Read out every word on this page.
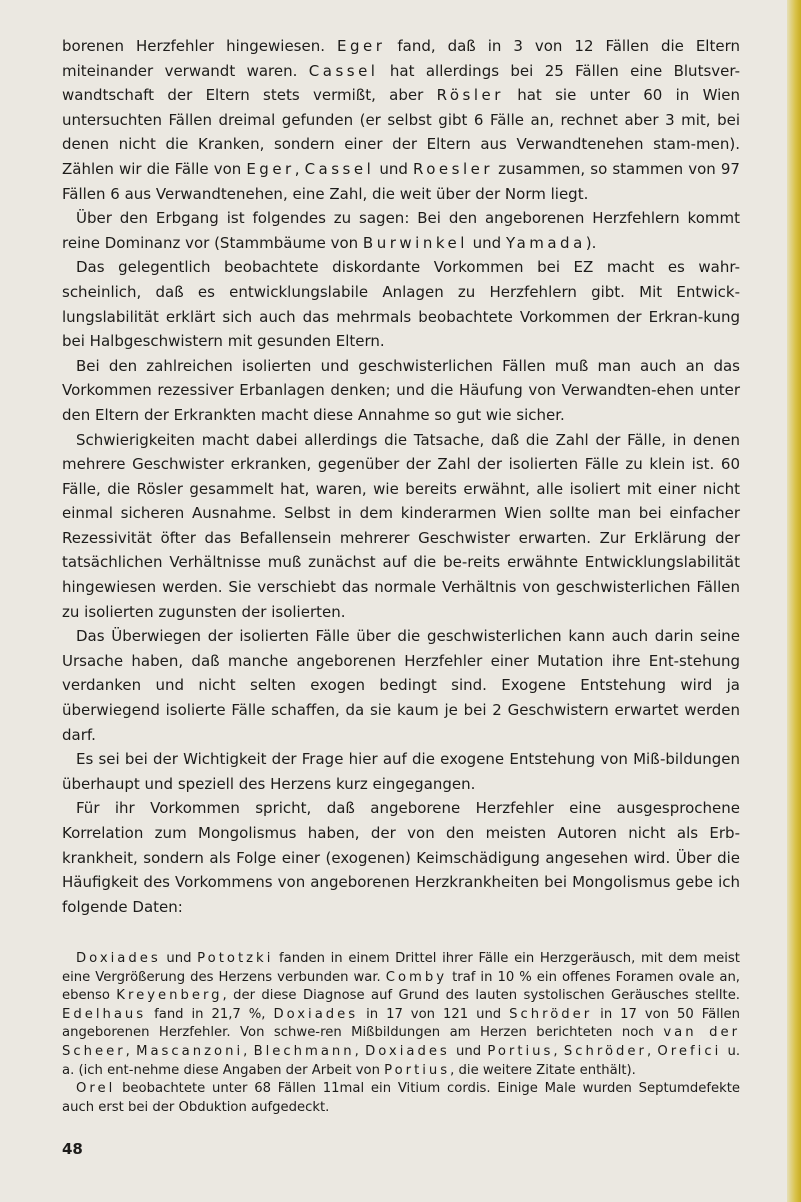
borenen Herzfehler hingewiesen. Eger fand, daß in 3 von 12 Fällen die Eltern miteinander verwandt waren. Cassel hat allerdings bei 25 Fällen eine Blutsver-wandtschaft der Eltern stets vermißt, aber Rösler hat sie unter 60 in Wien untersuchten Fällen dreimal gefunden (er selbst gibt 6 Fälle an, rechnet aber 3 mit, bei denen nicht die Kranken, sondern einer der Eltern aus Verwandtenehen stam-men). Zählen wir die Fälle von Eger, Cassel und Roesler zusammen, so stammen von 97 Fällen 6 aus Verwandtenehen, eine Zahl, die weit über der Norm liegt.

Über den Erbgang ist folgendes zu sagen: Bei den angeborenen Herzfehlern kommt reine Dominanz vor (Stammbäume von Burwinkel und Yamada).

Das gelegentlich beobachtete diskordante Vorkommen bei EZ macht es wahr-scheinlich, daß es entwicklungslabile Anlagen zu Herzfehlern gibt. Mit Entwick-lungslabilität erklärt sich auch das mehrmals beobachtete Vorkommen der Erkran-kung bei Halbgeschwistern mit gesunden Eltern.

Bei den zahlreichen isolierten und geschwisterlichen Fällen muß man auch an das Vorkommen rezessiver Erbanlagen denken; und die Häufung von Verwandten-ehen unter den Eltern der Erkrankten macht diese Annahme so gut wie sicher.

Schwierigkeiten macht dabei allerdings die Tatsache, daß die Zahl der Fälle, in denen mehrere Geschwister erkranken, gegenüber der Zahl der isolierten Fälle zu klein ist. 60 Fälle, die Rösler gesammelt hat, waren, wie bereits erwähnt, alle isoliert mit einer nicht einmal sicheren Ausnahme. Selbst in dem kinderarmen Wien sollte man bei einfacher Rezessivität öfter das Befallensein mehrerer Geschwister erwarten. Zur Erklärung der tatsächlichen Verhältnisse muß zunächst auf die be-reits erwähnte Entwicklungslabilität hingewiesen werden. Sie verschiebt das normale Verhältnis von geschwisterlichen Fällen zu isolierten zugunsten der isolierten.

Das Überwiegen der isolierten Fälle über die geschwisterlichen kann auch darin seine Ursache haben, daß manche angeborenen Herzfehler einer Mutation ihre Ent-stehung verdanken und nicht selten exogen bedingt sind. Exogene Entstehung wird ja überwiegend isolierte Fälle schaffen, da sie kaum je bei 2 Geschwistern erwartet werden darf.

Es sei bei der Wichtigkeit der Frage hier auf die exogene Entstehung von Miß-bildungen überhaupt und speziell des Herzens kurz eingegangen.

Für ihr Vorkommen spricht, daß angeborene Herzfehler eine ausgesprochene Korrelation zum Mongolismus haben, der von den meisten Autoren nicht als Erb-krankheit, sondern als Folge einer (exogenen) Keimschädigung angesehen wird. Über die Häufigkeit des Vorkommens von angeborenen Herzkrankheiten bei Mongolismus gebe ich folgende Daten:

Doxiades und Pototzki fanden in einem Drittel ihrer Fälle ein Herzgeräusch, mit dem meist eine Vergrößerung des Herzens verbunden war. Comby traf in 10 % ein offenes Foramen ovale an, ebenso Kreyenberg, der diese Diagnose auf Grund des lauten systolischen Geräusches stellte. Edelhaus fand in 21,7 %, Doxiades in 17 von 121 und Schröder in 17 von 50 Fällen angeborenen Herzfehler. Von schwe-ren Mißbildungen am Herzen berichteten noch van der Scheer, Mascanzoni, Blechmann, Doxiades und Portius, Schröder, Orefici u. a. (ich ent-nehme diese Angaben der Arbeit von Portius, die weitere Zitate enthält).

Orel beobachtete unter 68 Fällen 11mal ein Vitium cordis. Einige Male wurden Septumdefekte auch erst bei der Obduktion aufgedeckt.

48
